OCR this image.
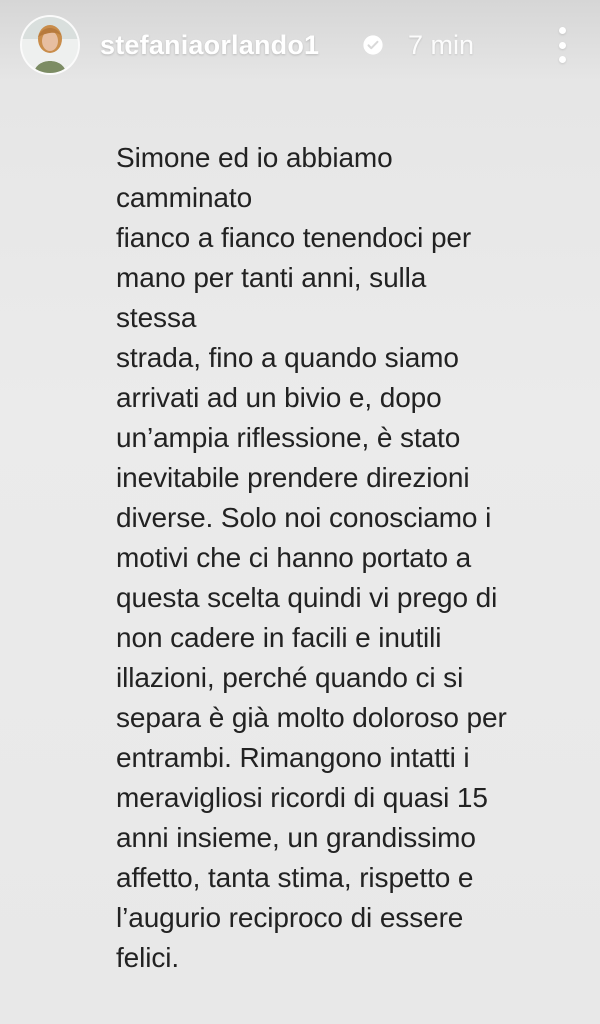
stefaniaorlando1	7 min
Simone ed io abbiamo camminato
fianco a fianco tenendoci per
mano per tanti anni, sulla stessa
strada, fino a quando siamo
arrivati ad un bivio e, dopo
un’ampia riflessione, è stato
inevitabile prendere direzioni
diverse. Solo noi conosciamo i
motivi che ci hanno portato a
questa scelta quindi vi prego di
non cadere in facili e inutili
illazioni, perché quando ci si
separa è già molto doloroso per
entrambi. Rimangono intatti i
meravigliosi ricordi di quasi 15
anni insieme, un grandissimo
affetto, tanta stima, rispetto e
l’augurio reciproco di essere
felici.
